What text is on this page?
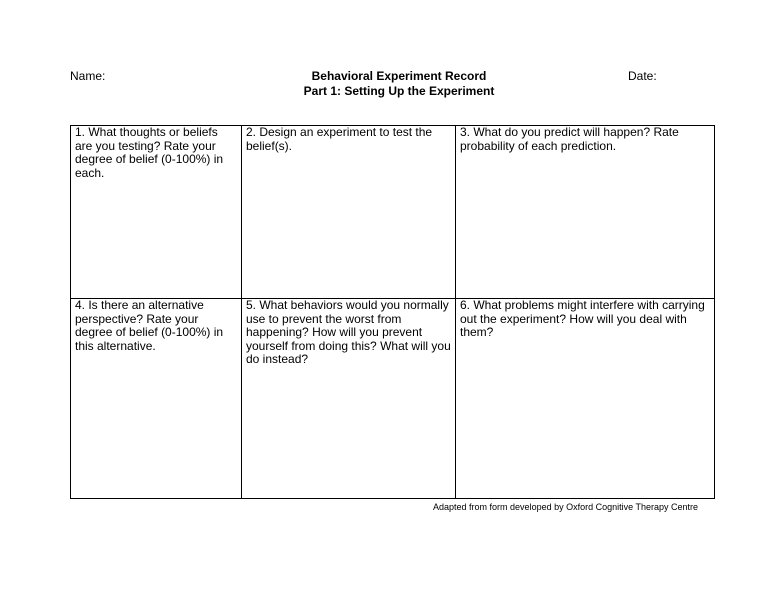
Name:	Behavioral Experiment Record
Part 1: Setting Up the Experiment
Date:
1. What thoughts or beliefs are you testing? Rate your degree of belief (0-100%) in each.	2. Design an experiment to test the belief(s).	3. What do you predict will happen? Rate probability of each prediction.
4. Is there an alternative perspective? Rate your degree of belief (0-100%) in this alternative.	5. What behaviors would you normally use to prevent the worst from happening? How will you prevent yourself from doing this? What will you do instead?	6. What problems might interfere with carrying out the experiment? How will you deal with them?
Adapted from form developed by Oxford Cognitive Therapy Centre
